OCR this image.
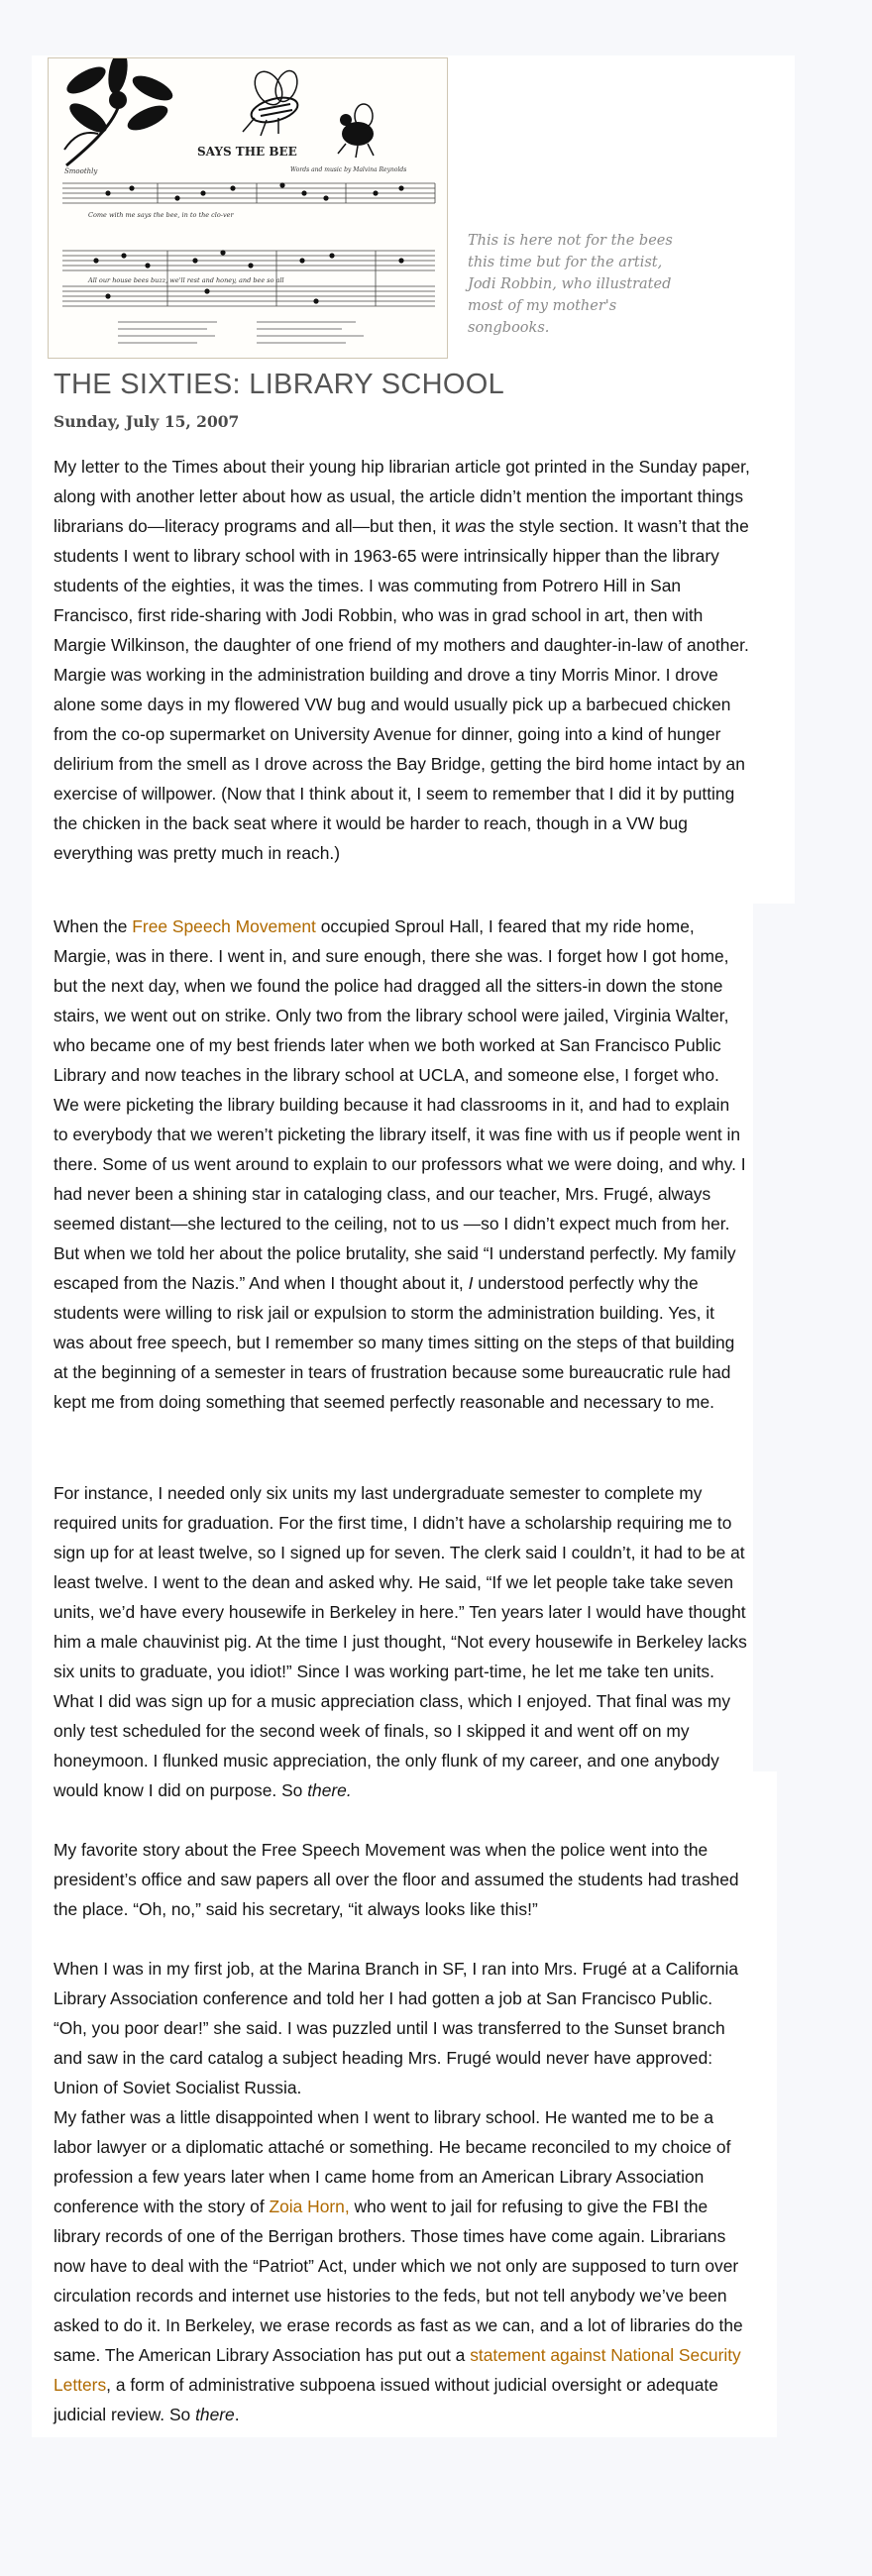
SAYS THE BEE
Smoothly	Words and music by Malvina Reynolds
Come with me says the bee, in to the clo-ver
All our house bees buzz, we'll rest and honey, and bee so all

This is here not for the bees this time but for the artist, Jodi Robbin, who illustrated most of my mother's songbooks.

THE SIXTIES: LIBRARY SCHOOL

Sunday, July 15, 2007

My letter to the Times about their young hip librarian article got printed in the Sunday paper, along with another letter about how as usual, the article didn’t mention the important things librarians do—literacy programs and all—but then, it was the style section. It wasn’t that the students I went to library school with in 1963-65 were intrinsically hipper than the library students of the eighties, it was the times. I was commuting from Potrero Hill in San Francisco, first ride-sharing with Jodi Robbin, who was in grad school in art, then with Margie Wilkinson, the daughter of one friend of my mothers and daughter-in-law of another. Margie was working in the administration building and drove a tiny Morris Minor. I drove alone some days in my flowered VW bug and would usually pick up a barbecued chicken from the co-op supermarket on University Avenue for dinner, going into a kind of hunger delirium from the smell as I drove across the Bay Bridge, getting the bird home intact by an exercise of willpower. (Now that I think about it, I seem to remember that I did it by putting the chicken in the back seat where it would be harder to reach, though in a VW bug everything was pretty much in reach.)

When the Free Speech Movement occupied Sproul Hall, I feared that my ride home, Margie, was in there. I went in, and sure enough, there she was. I forget how I got home, but the next day, when we found the police had dragged all the sitters-in down the stone stairs, we went out on strike. Only two from the library school were jailed, Virginia Walter, who became one of my best friends later when we both worked at San Francisco Public Library and now teaches in the library school at UCLA, and someone else, I forget who. We were picketing the library building because it had classrooms in it, and had to explain to everybody that we weren’t picketing the library itself, it was fine with us if people went in there. Some of us went around to explain to our professors what we were doing, and why. I had never been a shining star in cataloging class, and our teacher, Mrs. Frugé, always seemed distant—she lectured to the ceiling, not to us —so I didn’t expect much from her. But when we told her about the police brutality, she said “I understand perfectly. My family escaped from the Nazis.” And when I thought about it, I understood perfectly why the students were willing to risk jail or expulsion to storm the administration building. Yes, it was about free speech, but I remember so many times sitting on the steps of that building at the beginning of a semester in tears of frustration because some bureaucratic rule had kept me from doing something that seemed perfectly reasonable and necessary to me.

For instance, I needed only six units my last undergraduate semester to complete my required units for graduation. For the first time, I didn’t have a scholarship requiring me to sign up for at least twelve, so I signed up for seven. The clerk said I couldn’t, it had to be at least twelve. I went to the dean and asked why. He said, “If we let people take take seven units, we’d have every housewife in Berkeley in here.” Ten years later I would have thought him a male chauvinist pig. At the time I just thought, “Not every housewife in Berkeley lacks six units to graduate, you idiot!” Since I was working part-time, he let me take ten units. What I did was sign up for a music appreciation class, which I enjoyed. That final was my only test scheduled for the second week of finals, so I skipped it and went off on my honeymoon. I flunked music appreciation, the only flunk of my career, and one anybody would know I did on purpose. So there.

My favorite story about the Free Speech Movement was when the police went into the president’s office and saw papers all over the floor and assumed the students had trashed the place. “Oh, no,” said his secretary, “it always looks like this!”

When I was in my first job, at the Marina Branch in SF, I ran into Mrs. Frugé at a California Library Association conference and told her I had gotten a job at San Francisco Public. “Oh, you poor dear!” she said. I was puzzled until I was transferred to the Sunset branch and saw in the card catalog a subject heading Mrs. Frugé would never have approved: Union of Soviet Socialist Russia.

My father was a little disappointed when I went to library school. He wanted me to be a labor lawyer or a diplomatic attaché or something. He became reconciled to my choice of profession a few years later when I came home from an American Library Association conference with the story of Zoia Horn, who went to jail for refusing to give the FBI the library records of one of the Berrigan brothers. Those times have come again. Librarians now have to deal with the “Patriot” Act, under which we not only are supposed to turn over circulation records and internet use histories to the feds, but not tell anybody we’ve been asked to do it. In Berkeley, we erase records as fast as we can, and a lot of libraries do the same. The American Library Association has put out a statement against National Security Letters, a form of administrative subpoena issued without judicial oversight or adequate judicial review. So there.
